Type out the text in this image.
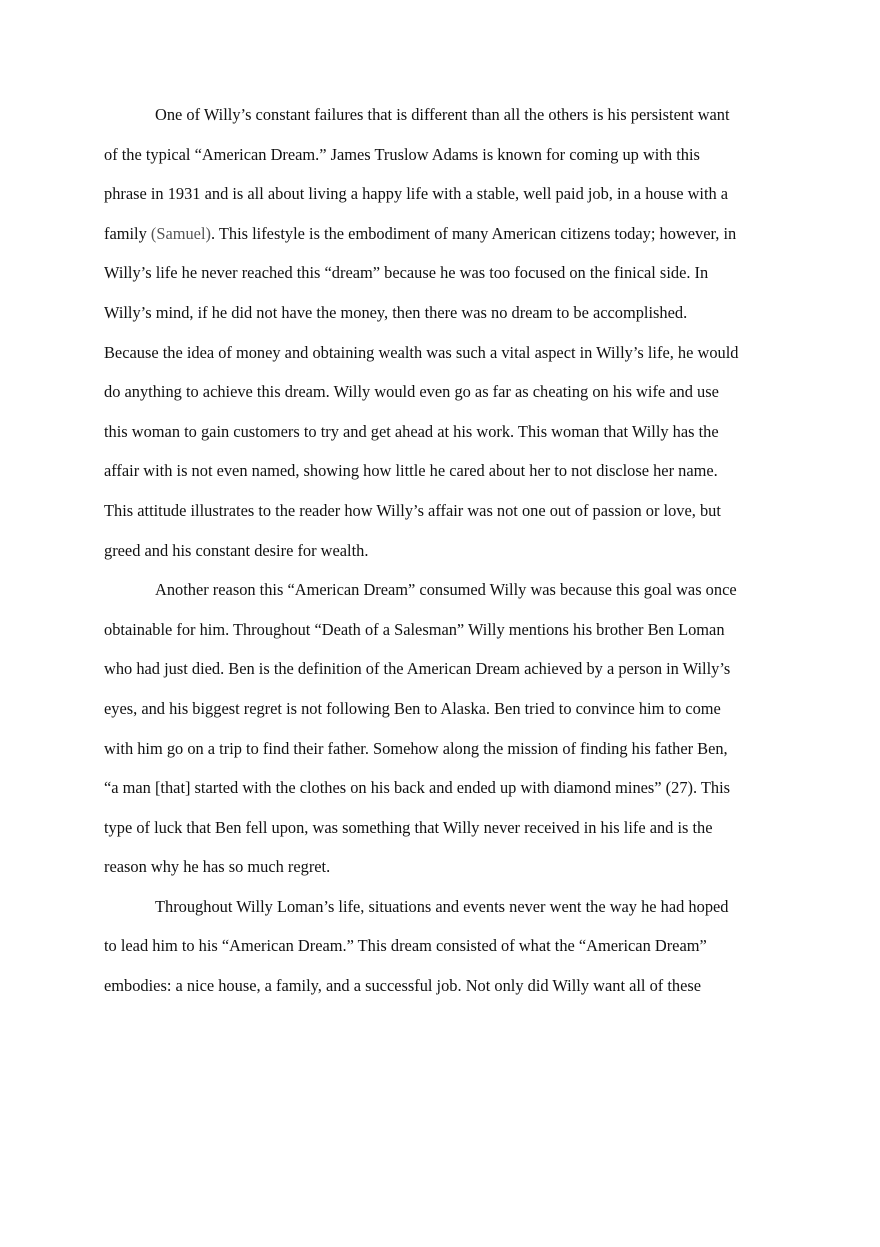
One of Willy’s constant failures that is different than all the others is his persistent want
of the typical “American Dream.” James Truslow Adams is known for coming up with this
phrase in 1931 and is all about living a happy life with a stable, well paid job, in a house with a
family (Samuel). This lifestyle is the embodiment of many American citizens today; however, in
Willy’s life he never reached this “dream” because he was too focused on the finical side. In
Willy’s mind, if he did not have the money, then there was no dream to be accomplished.
Because the idea of money and obtaining wealth was such a vital aspect in Willy’s life, he would
do anything to achieve this dream. Willy would even go as far as cheating on his wife and use
this woman to gain customers to try and get ahead at his work. This woman that Willy has the
affair with is not even named, showing how little he cared about her to not disclose her name.
This attitude illustrates to the reader how Willy’s affair was not one out of passion or love, but
greed and his constant desire for wealth.
Another reason this “American Dream” consumed Willy was because this goal was once
obtainable for him. Throughout “Death of a Salesman” Willy mentions his brother Ben Loman
who had just died. Ben is the definition of the American Dream achieved by a person in Willy’s
eyes, and his biggest regret is not following Ben to Alaska. Ben tried to convince him to come
with him go on a trip to find their father. Somehow along the mission of finding his father Ben,
“a man [that] started with the clothes on his back and ended up with diamond mines” (27). This
type of luck that Ben fell upon, was something that Willy never received in his life and is the
reason why he has so much regret.
Throughout Willy Loman’s life, situations and events never went the way he had hoped
to lead him to his “American Dream.” This dream consisted of what the “American Dream”
embodies: a nice house, a family, and a successful job. Not only did Willy want all of these
